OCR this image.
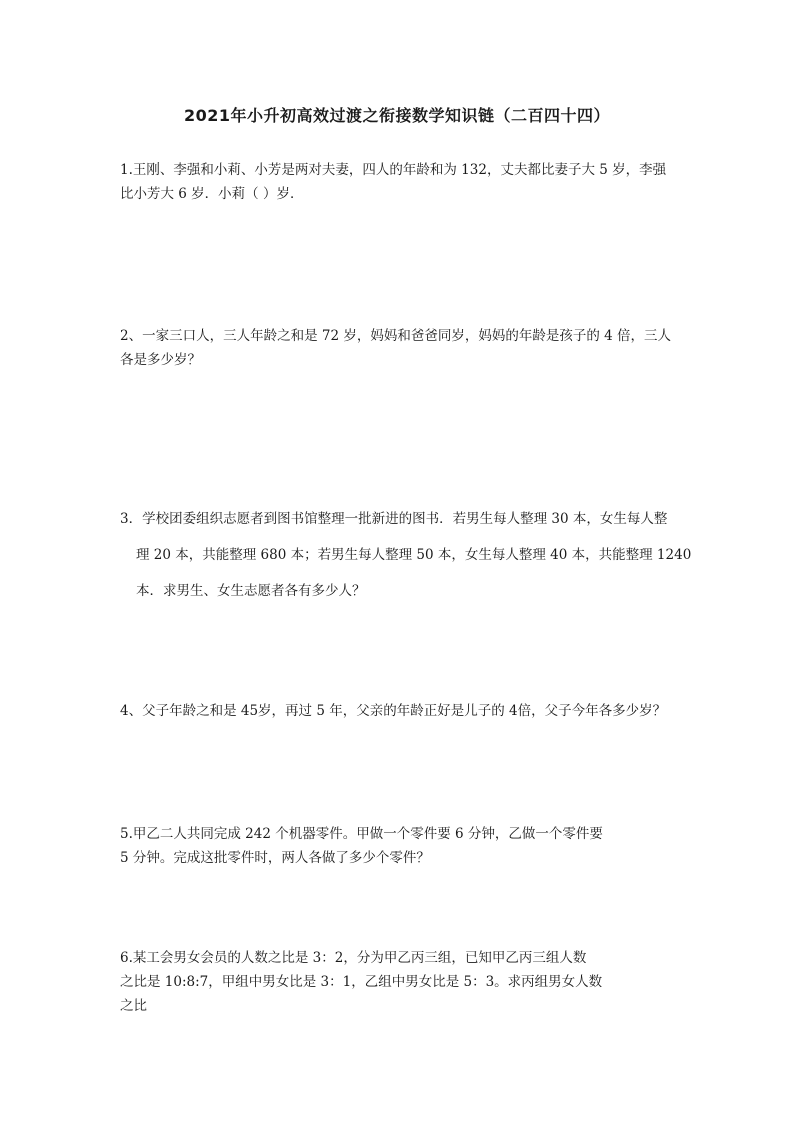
2021年小升初高效过渡之衔接数学知识链（二百四十四）
1.王刚、李强和小莉、小芳是两对夫妻，四人的年龄和为 132，丈夫都比妻子大 5 岁，李强
比小芳大 6 岁．小莉（ ）岁．
2、一家三口人，三人年龄之和是 72 岁，妈妈和爸爸同岁，妈妈的年龄是孩子的 4 倍，三人
各是多少岁？
3．学校团委组织志愿者到图书馆整理一批新进的图书．若男生每人整理 30 本，女生每人整
理 20 本，共能整理 680 本；若男生每人整理 50 本，女生每人整理 40 本，共能整理 1240
本．求男生、女生志愿者各有多少人？
4、父子年龄之和是 45岁，再过 5 年，父亲的年龄正好是儿子的 4倍，父子今年各多少岁？
5.甲乙二人共同完成 242 个机器零件。甲做一个零件要 6 分钟，乙做一个零件要
5 分钟。完成这批零件时，两人各做了多少个零件？
6.某工会男女会员的人数之比是 3：2，分为甲乙丙三组，已知甲乙丙三组人数
之比是 10:8:7，甲组中男女比是 3：1，乙组中男女比是 5：3。求丙组男女人数
之比
